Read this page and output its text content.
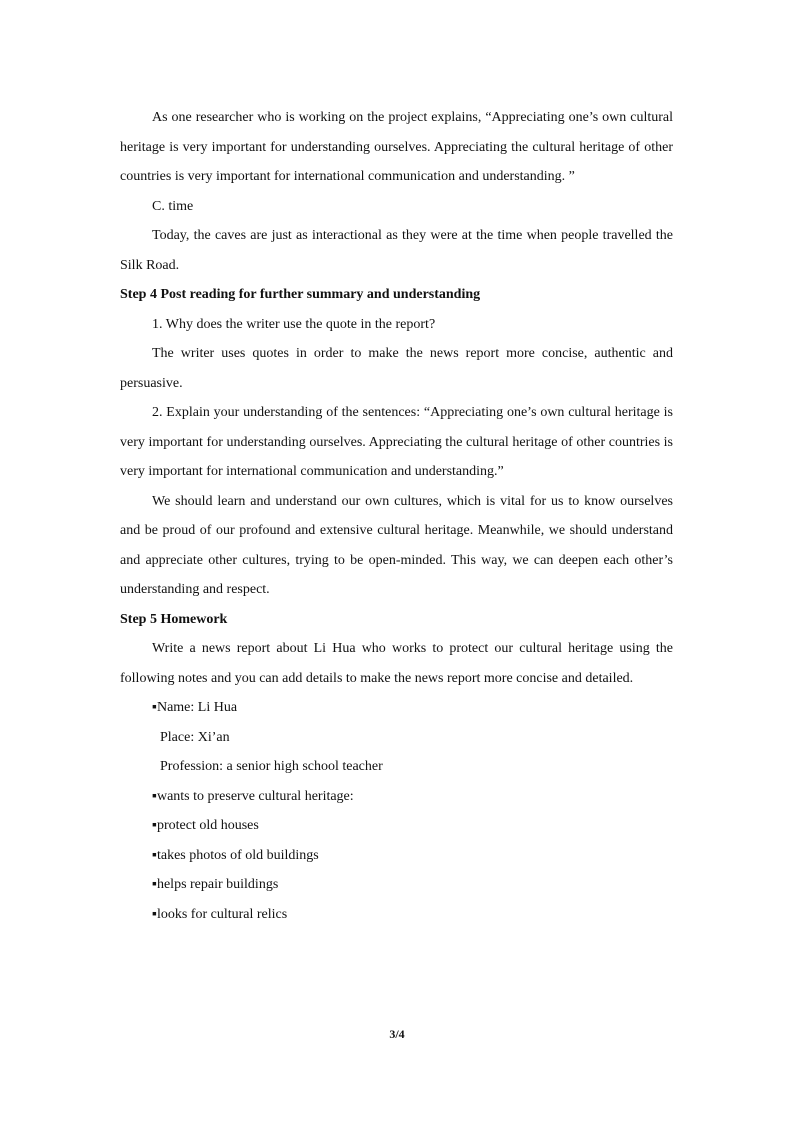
As one researcher who is working on the project explains, “Appreciating one’s own cultural heritage is very important for understanding ourselves. Appreciating the cultural heritage of other countries is very important for international communication and understanding. ”

C. time

Today, the caves are just as interactional as they were at the time when people travelled the Silk Road.

Step 4 Post reading for further summary and understanding

1. Why does the writer use the quote in the report?

The writer uses quotes in order to make the news report more concise, authentic and persuasive.

2. Explain your understanding of the sentences: “Appreciating one’s own cultural heritage is very important for understanding ourselves. Appreciating the cultural heritage of other countries is very important for international communication and understanding.”

We should learn and understand our own cultures, which is vital for us to know ourselves and be proud of our profound and extensive cultural heritage. Meanwhile, we should understand and appreciate other cultures, trying to be open-minded. This way, we can deepen each other’s understanding and respect.

Step 5 Homework

Write a news report about Li Hua who works to protect our cultural heritage using the following notes and you can add details to make the news report more concise and detailed.

▪Name: Li Hua

Place: Xi’an

Profession: a senior high school teacher

▪wants to preserve cultural heritage:

▪protect old houses

▪takes photos of old buildings

▪helps repair buildings

▪looks for cultural relics

3/4
